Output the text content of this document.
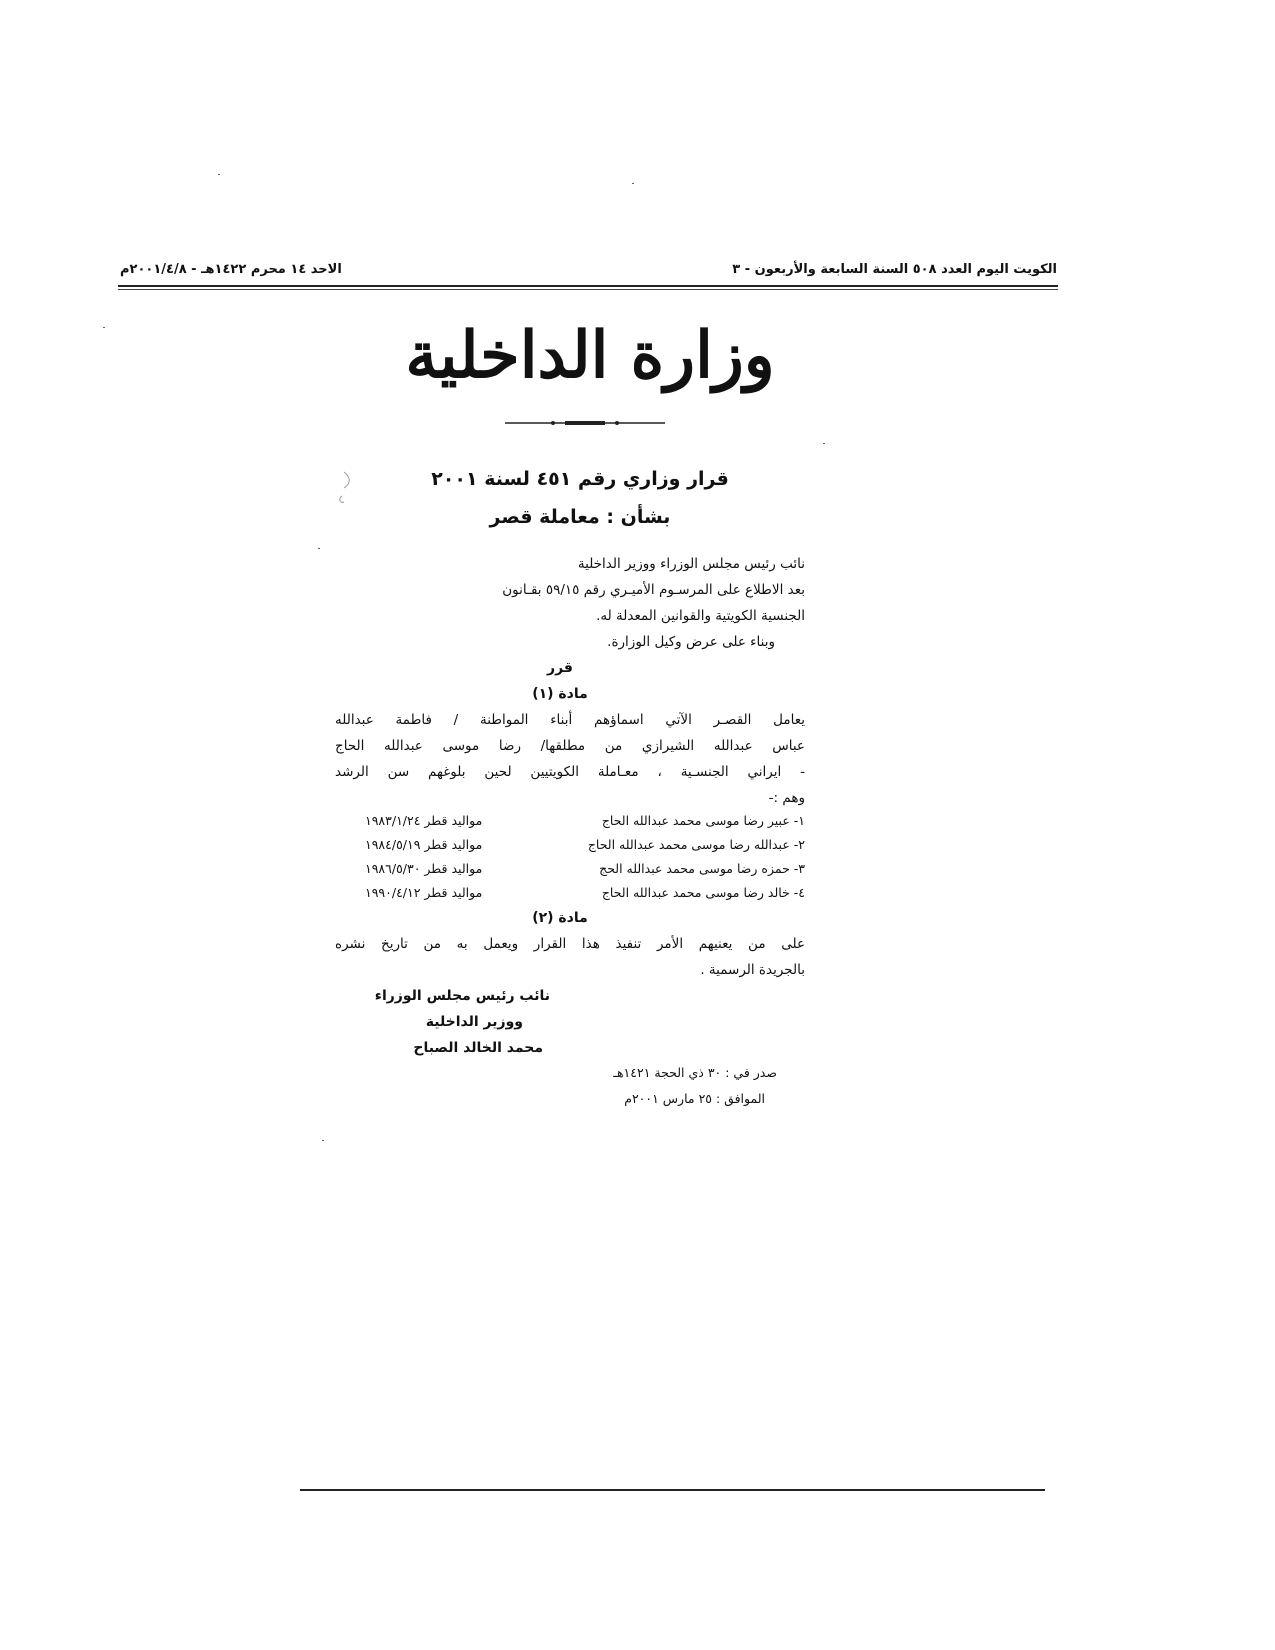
الاحد ١٤ محرم ١٤٢٢هـ - ٢٠٠١/٤/٨م	الكويت اليوم العدد ٥٠٨ السنة السابعة والأربعون - ٣
وزارة الداخلية
قرار وزاري رقم ٤٥١ لسنة ٢٠٠١
بشأن : معاملة قصر
نائب رئيس مجلس الوزراء ووزير الداخلية
بعد الاطلاع على المرسـوم الأميـري رقم ٥٩/١٥ بقـانون
الجنسية الكويتية والقوانين المعدلة له.
وبناء على عرض وكيل الوزارة.
قرر
مادة (١)
يعامل القصـر الآتي اسماؤهم أبناء المواطنة / فاطمة عبدالله
عباس عبدالله الشيرازي من مطلقها/ رضا موسى عبدالله الحاج
- ايراني الجنسـية ، معـاملة الكويتيين لحين بلوغهم سن الرشد
وهم :-
١- عبير رضا موسى محمد عبدالله الحاج
مواليد قطر ١٩٨٣/١/٢٤
٢- عبدالله رضا موسى محمد عبدالله الحاج
مواليد قطر ١٩٨٤/٥/١٩
٣- حمزه رضا موسى محمد عبدالله الحج
مواليد قطر ١٩٨٦/٥/٣٠
٤- خالد رضا موسى محمد عبدالله الحاج
مواليد قطر ١٩٩٠/٤/١٢
مادة (٢)
على من يعنيهم الأمر تنفيذ هذا القرار ويعمل به من تاريخ نشره
بالجريدة الرسمية .
نائب رئيس مجلس الوزراء
ووزير الداخلية
محمد الخالد الصباح
صدر في : ٣٠ ذي الحجة ١٤٢١هـ
الموافق : ٢٥ مارس ٢٠٠١م
